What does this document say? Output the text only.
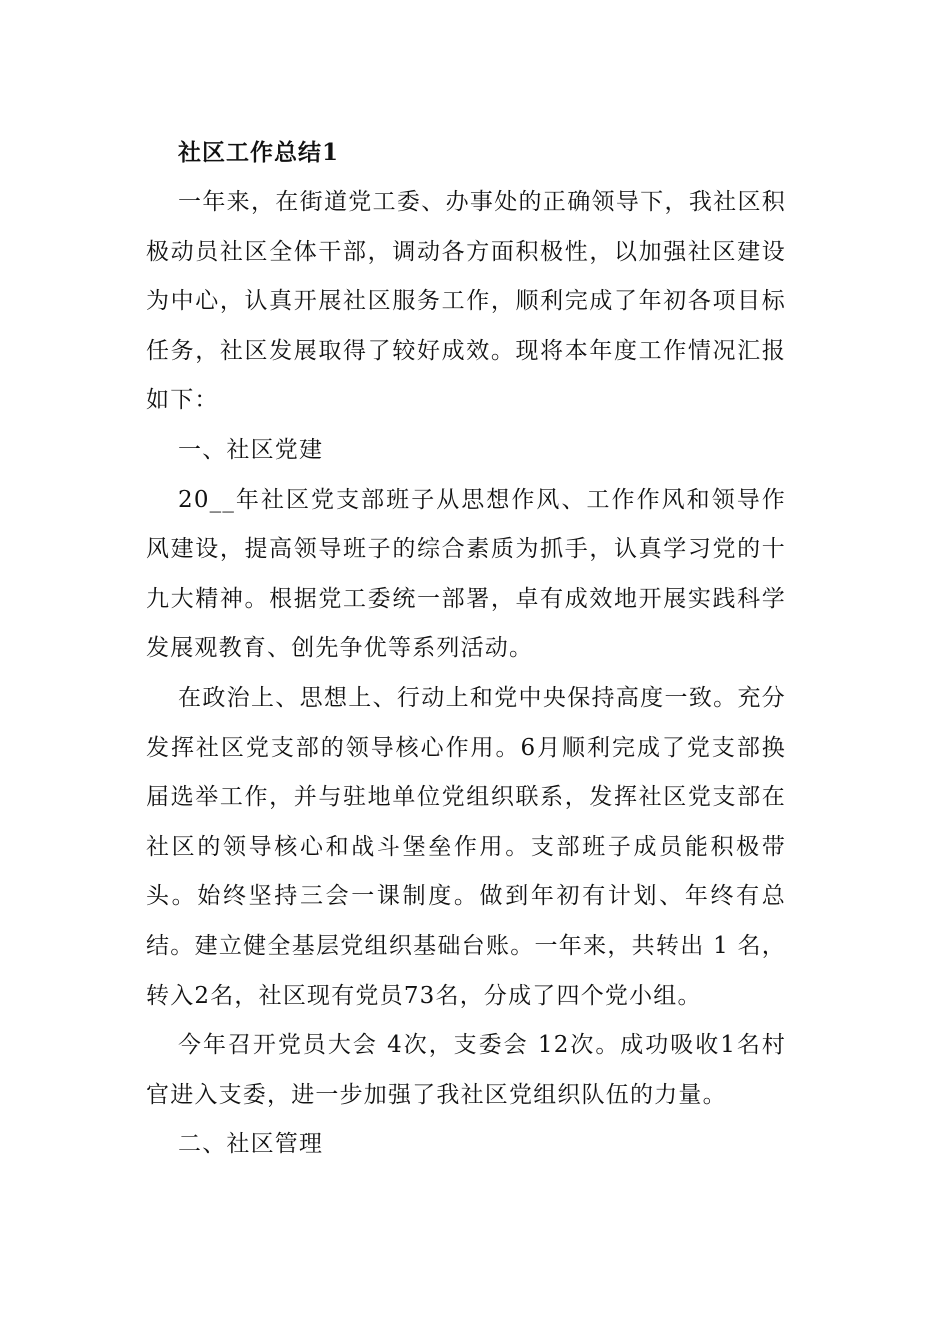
社区工作总结1

一年来，在街道党工委、办事处的正确领导下，我社区积极动员社区全体干部，调动各方面积极性，以加强社区建设为中心，认真开展社区服务工作，顺利完成了年初各项目标任务，社区发展取得了较好成效。现将本年度工作情况汇报如下：

一、社区党建

20__年社区党支部班子从思想作风、工作作风和领导作风建设，提高领导班子的综合素质为抓手，认真学习党的十九大精神。根据党工委统一部署，卓有成效地开展实践科学发展观教育、创先争优等系列活动。

在政治上、思想上、行动上和党中央保持高度一致。充分发挥社区党支部的领导核心作用。6月顺利完成了党支部换届选举工作，并与驻地单位党组织联系，发挥社区党支部在社区的领导核心和战斗堡垒作用。支部班子成员能积极带头。始终坚持三会一课制度。做到年初有计划、年终有总结。建立健全基层党组织基础台账。一年来，共转出 1 名，转入2名，社区现有党员73名，分成了四个党小组。

今年召开党员大会 4次，支委会 12次。成功吸收1名村官进入支委，进一步加强了我社区党组织队伍的力量。

二、社区管理
